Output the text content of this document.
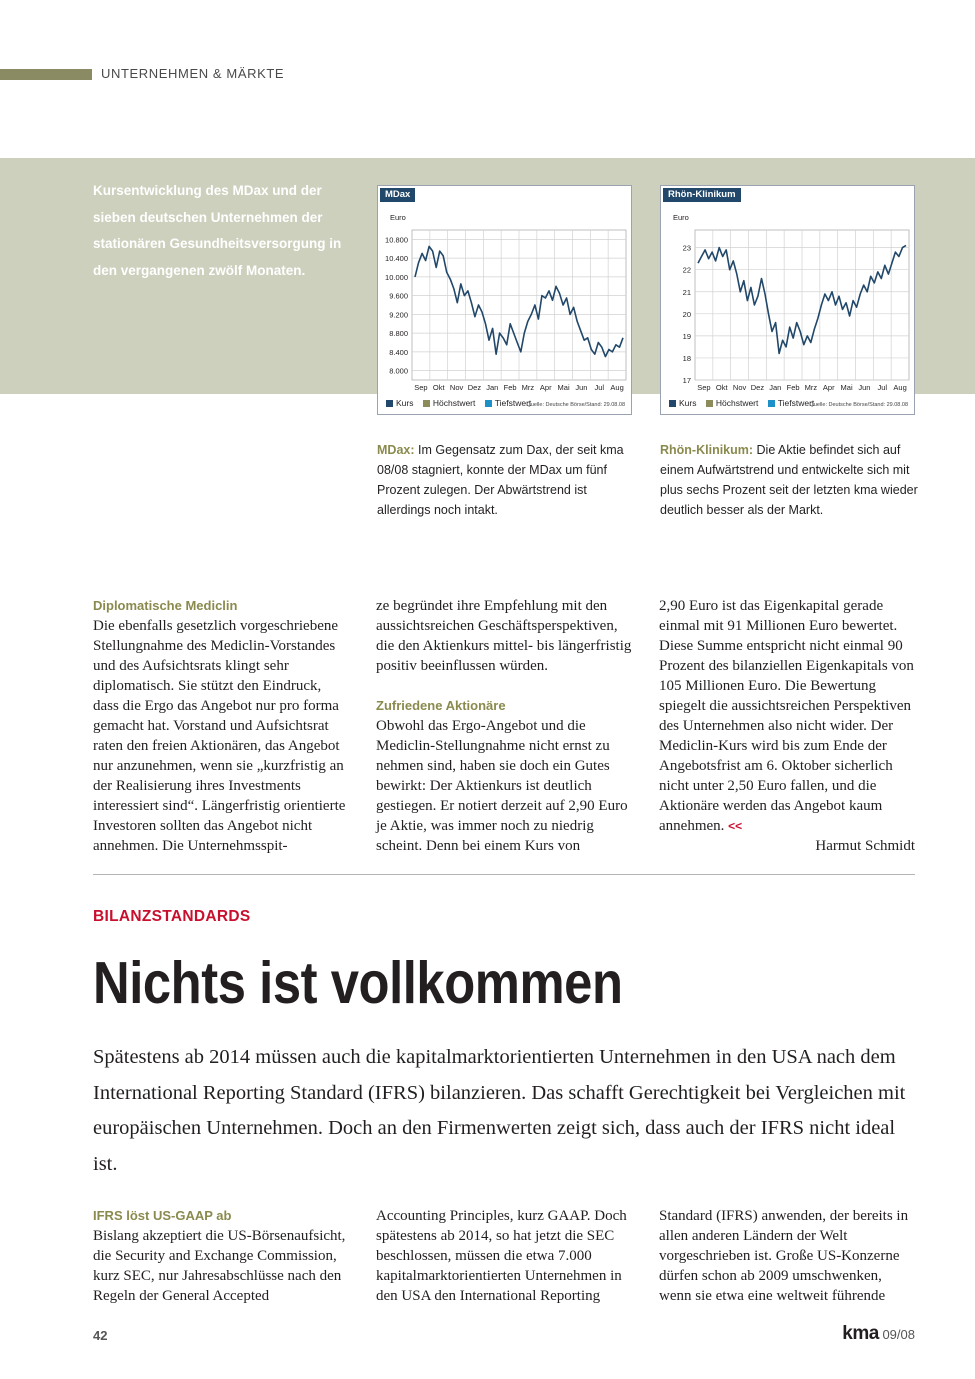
UNTERNEHMEN & MÄRKTE
Kursentwicklung des MDax und der sieben deutschen Unternehmen der stationären Gesundheitsversorgung in den vergangenen zwölf Monaten.
10.800
10.400
10.000
9.600
9.200
8.800
8.400
8.000
Euro
Sep Okt Nov Dez Jan Feb Mrz Apr Mai Jun Jul Aug
MDax
Kurs Höchstwert Tiefstwert
Quelle: Deutsche Börse/Stand: 29.08.08
23
22
21
20
19
18
17
Euro
Sep Okt Nov Dez Jan Feb Mrz Apr Mai Jun Jul Aug
Rhön-Klinikum
Kurs Höchstwert Tiefstwert
Quelle: Deutsche Börse/Stand: 29.08.08
MDax: Im Gegensatz zum Dax, der seit kma 08/08 stagniert, konnte der MDax um fünf Prozent zulegen. Der Abwärtstrend ist allerdings noch intakt.
Rhön-Klinikum: Die Aktie befindet sich auf einem Aufwärtstrend und entwickelte sich mit plus sechs Prozent seit der letzten kma wieder deutlich besser als der Markt.
Diplomatische Mediclin
Die ebenfalls gesetzlich vorgeschriebene Stellungnahme des Mediclin-Vorstandes und des Aufsichtsrats klingt sehr diplomatisch. Sie stützt den Eindruck, dass die Ergo das Angebot nur pro forma gemacht hat. Vorstand und Aufsichtsrat raten den freien Aktionären, das Angebot nur anzunehmen, wenn sie „kurzfristig an der Realisierung ihres Investments interessiert sind“. Längerfristig orientierte Investoren sollten das Angebot nicht annehmen. Die Unternehmsspit-
ze begründet ihre Empfehlung mit den aussichtsreichen Geschäftsperspektiven, die den Aktienkurs mittel- bis längerfristig positiv beeinflussen würden.
Zufriedene Aktionäre
Obwohl das Ergo-Angebot und die Mediclin-Stellungnahme nicht ernst zu nehmen sind, haben sie doch ein Gutes bewirkt: Der Aktienkurs ist deutlich gestiegen. Er notiert derzeit auf 2,90 Euro je Aktie, was immer noch zu niedrig scheint. Denn bei einem Kurs von
2,90 Euro ist das Eigenkapital gerade einmal mit 91 Millionen Euro bewertet. Diese Summe entspricht nicht einmal 90 Prozent des bilanziellen Eigenkapitals von 105 Millionen Euro. Die Bewertung spiegelt die aussichtsreichen Perspektiven des Unternehmen also nicht wider. Der Mediclin-Kurs wird bis zum Ende der Angebotsfrist am 6. Oktober sicherlich nicht unter 2,50 Euro fallen, und die Aktionäre werden das Angebot kaum annehmen. <<
Harmut Schmidt
BILANZSTANDARDS
Nichts ist vollkommen
Spätestens ab 2014 müssen auch die kapitalmarktorientierten Unternehmen in den USA nach dem International Reporting Standard (IFRS) bilanzieren. Das schafft Gerechtigkeit bei Vergleichen mit europäischen Unternehmen. Doch an den Firmenwerten zeigt sich, dass auch der IFRS nicht ideal ist.
IFRS löst US-GAAP ab
Bislang akzeptiert die US-Börsenaufsicht, die Security and Exchange Commission, kurz SEC, nur Jahresabschlüsse nach den Regeln der General Accepted
Accounting Principles, kurz GAAP. Doch spätestens ab 2014, so hat jetzt die SEC beschlossen, müssen die etwa 7.000 kapitalmarktorientierten Unternehmen in den USA den International Reporting
Standard (IFRS) anwenden, der bereits in allen anderen Ländern der Welt vorgeschrieben ist. Große US-Konzerne dürfen schon ab 2009 umschwenken, wenn sie etwa eine weltweit führende
42	kma 09/08
